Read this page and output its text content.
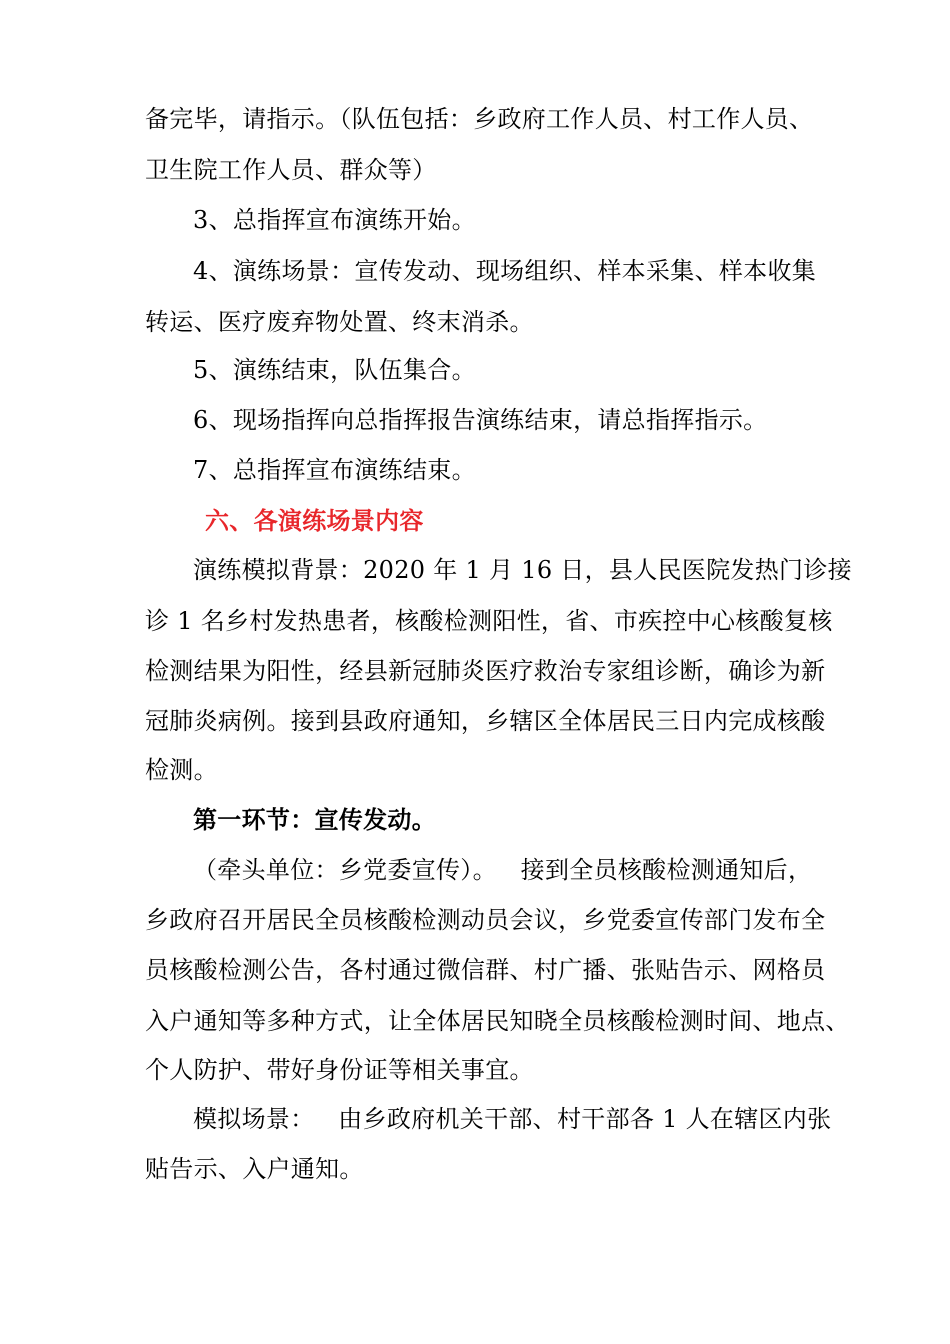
备完毕，请指示。（队伍包括：乡政府工作人员、村工作人员、
卫生院工作人员、群众等）
3、总指挥宣布演练开始。
4、演练场景：宣传发动、现场组织、样本采集、样本收集
转运、医疗废弃物处置、终末消杀。
5、演练结束，队伍集合。
6、现场指挥向总指挥报告演练结束，请总指挥指示。
7、总指挥宣布演练结束。
六、各演练场景内容
演练模拟背景：2020 年 1 月 16 日，县人民医院发热门诊接
诊 1 名乡村发热患者，核酸检测阳性，省、市疾控中心核酸复核
检测结果为阳性，经县新冠肺炎医疗救治专家组诊断，确诊为新
冠肺炎病例。接到县政府通知，乡辖区全体居民三日内完成核酸
检测。
第一环节：宣传发动。
（牵头单位：乡党委宣传）。   接到全员核酸检测通知后，
乡政府召开居民全员核酸检测动员会议，乡党委宣传部门发布全
员核酸检测公告，各村通过微信群、村广播、张贴告示、网格员
入户通知等多种方式，让全体居民知晓全员核酸检测时间、地点、
个人防护、带好身份证等相关事宜。
模拟场景：   由乡政府机关干部、村干部各 1 人在辖区内张
贴告示、入户通知。
